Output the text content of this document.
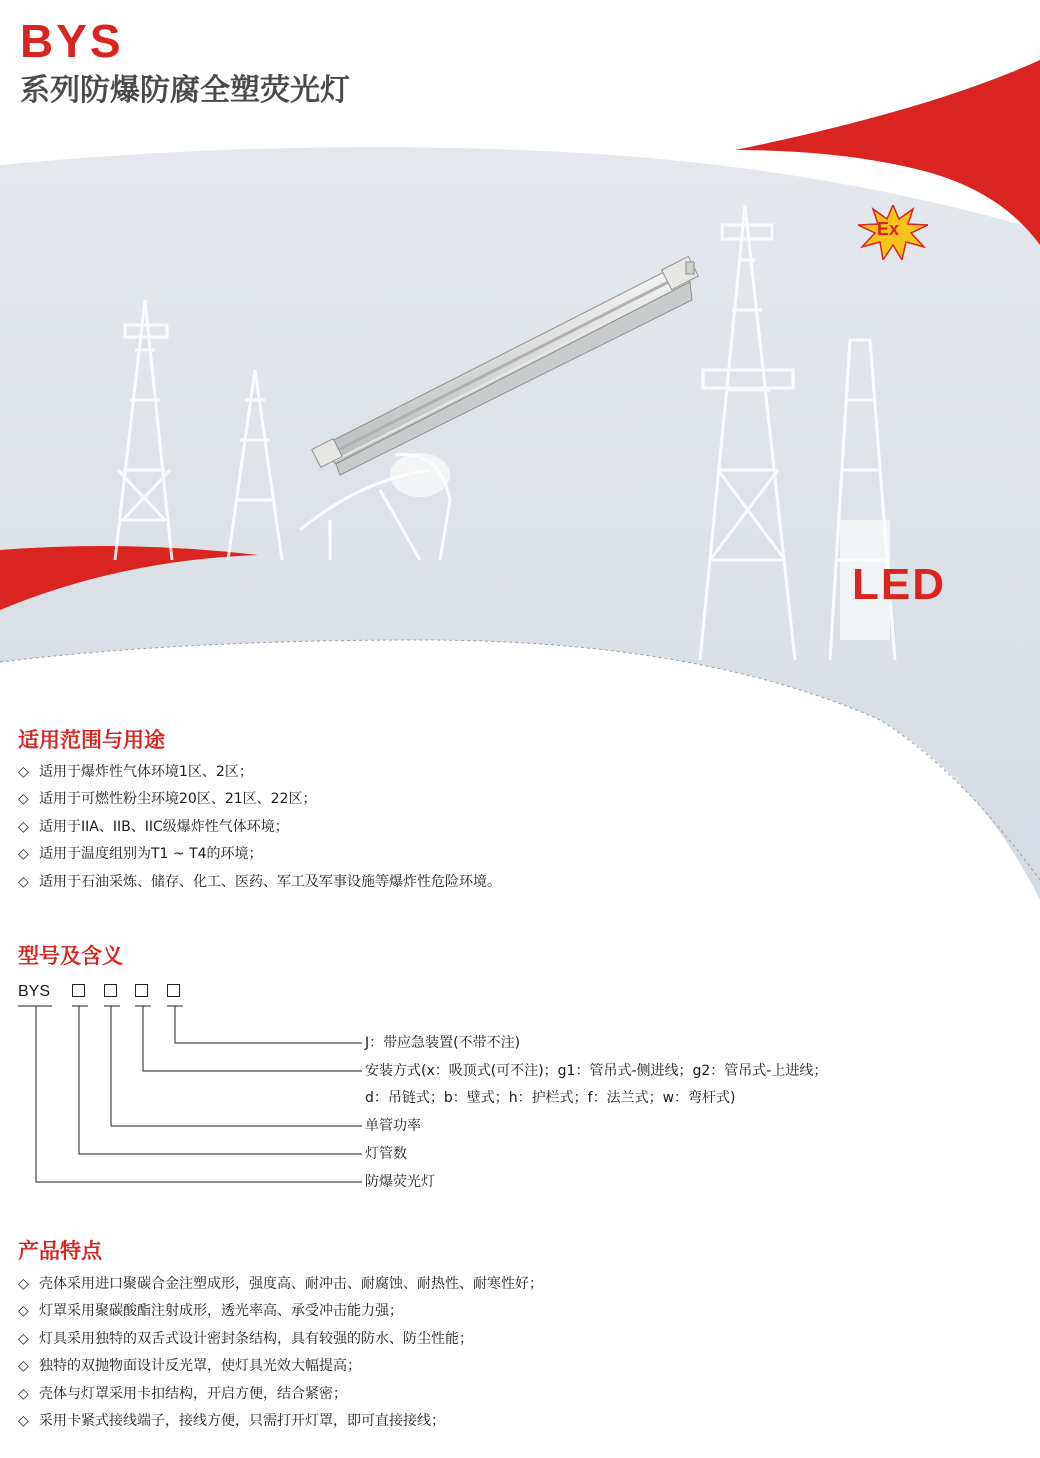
BYS
系列防爆防腐全塑荧光灯
Ex
LED
适用范围与用途
◇ 适用于爆炸性气体环境1区、2区；
◇ 适用于可燃性粉尘环境20区、21区、22区；
◇ 适用于IIA、IIB、IIC级爆炸性气体环境；
◇ 适用于温度组别为T1 ~ T4的环境；
◇ 适用于石油采炼、储存、化工、医药、军工及军事设施等爆炸性危险环境。
型号及含义
BYS
J：带应急装置(不带不注)
安装方式(x：吸顶式(可不注)；g1：管吊式-侧进线；g2：管吊式-上进线；
d：吊链式；b：壁式；h：护栏式；f：法兰式；w：弯杆式)
单管功率
灯管数
防爆荧光灯
产品特点
◇ 壳体采用进口聚碳合金注塑成形，强度高、耐冲击、耐腐蚀、耐热性、耐寒性好；
◇ 灯罩采用聚碳酸酯注射成形，透光率高、承受冲击能力强；
◇ 灯具采用独特的双舌式设计密封条结构，具有较强的防水、防尘性能；
◇ 独特的双抛物面设计反光罩，使灯具光效大幅提高；
◇ 壳体与灯罩采用卡扣结构，开启方便，结合紧密；
◇ 采用卡紧式接线端子，接线方便，只需打开灯罩，即可直接接线；
